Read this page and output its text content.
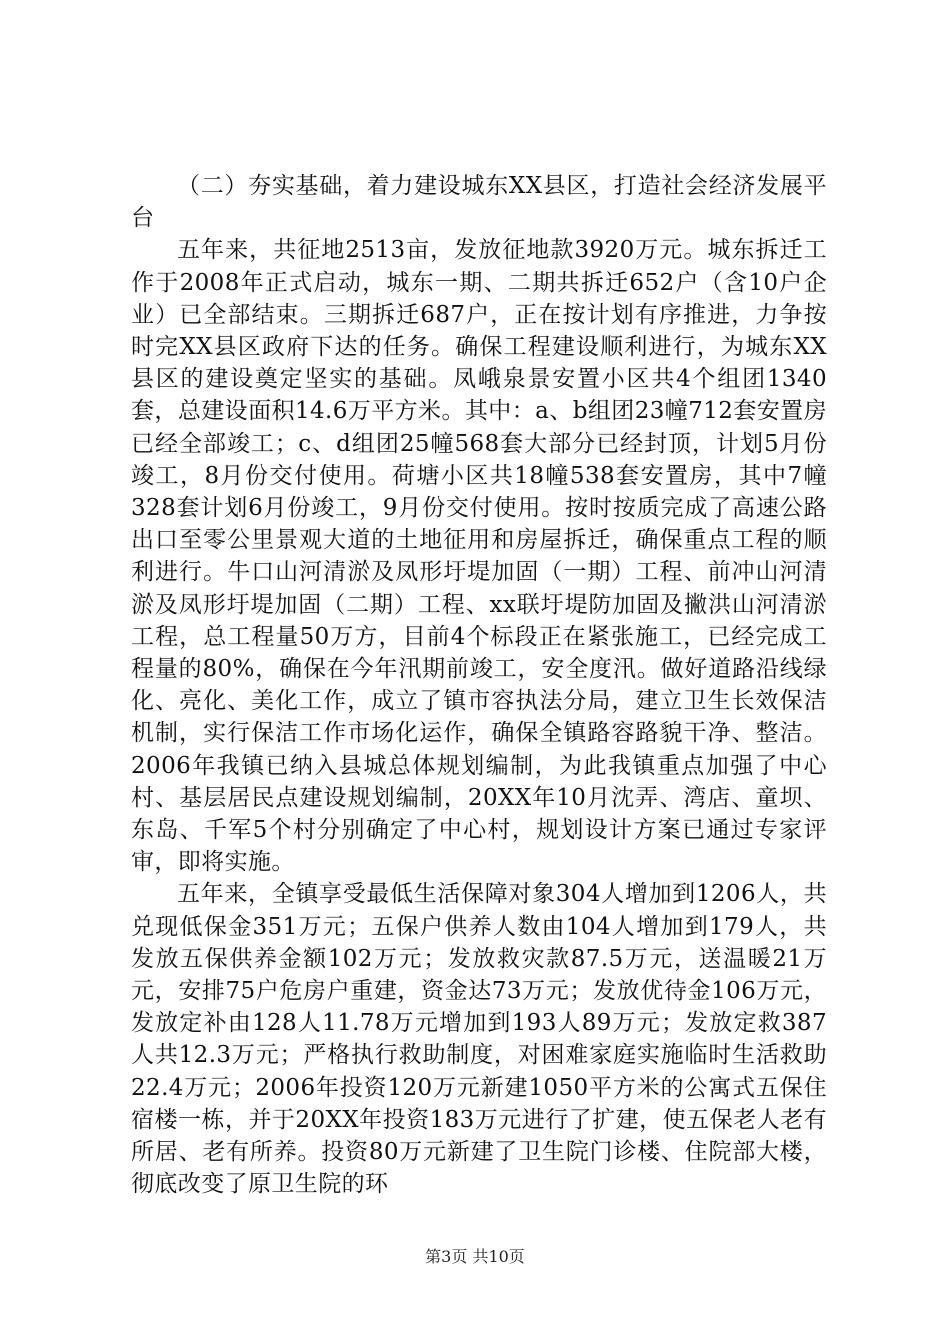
（二）夯实基础，着力建设城东XX县区，打造社会经济发展平台

五年来，共征地2513亩，发放征地款3920万元。城东拆迁工作于2008年正式启动，城东一期、二期共拆迁652户（含10户企业）已全部结束。三期拆迁687户，正在按计划有序推进，力争按时完XX县区政府下达的任务。确保工程建设顺利进行，为城东XX县区的建设奠定坚实的基础。凤峨泉景安置小区共4个组团1340套，总建设面积14.6万平方米。其中：a、b组团23幢712套安置房已经全部竣工；c、d组团25幢568套大部分已经封顶，计划5月份竣工，8月份交付使用。荷塘小区共18幢538套安置房，其中7幢328套计划6月份竣工，9月份交付使用。按时按质完成了高速公路出口至零公里景观大道的土地征用和房屋拆迁，确保重点工程的顺利进行。牛口山河清淤及凤形圩堤加固（一期）工程、前冲山河清淤及凤形圩堤加固（二期）工程、xx联圩堤防加固及撇洪山河清淤工程，总工程量50万方，目前4个标段正在紧张施工，已经完成工程量的80%，确保在今年汛期前竣工，安全度汛。做好道路沿线绿化、亮化、美化工作，成立了镇市容执法分局，建立卫生长效保洁机制，实行保洁工作市场化运作，确保全镇路容路貌干净、整洁。2006年我镇已纳入县城总体规划编制，为此我镇重点加强了中心村、基层居民点建设规划编制，20XX年10月沈弄、湾店、童坝、东岛、千军5个村分别确定了中心村，规划设计方案已通过专家评审，即将实施。

五年来，全镇享受最低生活保障对象304人增加到1206人，共兑现低保金351万元；五保户供养人数由104人增加到179人，共发放五保供养金额102万元；发放救灾款87.5万元，送温暖21万元，安排75户危房户重建，资金达73万元；发放优待金106万元，发放定补由128人11.78万元增加到193人89万元；发放定救387人共12.3万元；严格执行救助制度，对困难家庭实施临时生活救助22.4万元；2006年投资120万元新建1050平方米的公寓式五保住宿楼一栋，并于20XX年投资183万元进行了扩建，使五保老人老有所居、老有所养。投资80万元新建了卫生院门诊楼、住院部大楼，彻底改变了原卫生院的环

第3页 共10页
